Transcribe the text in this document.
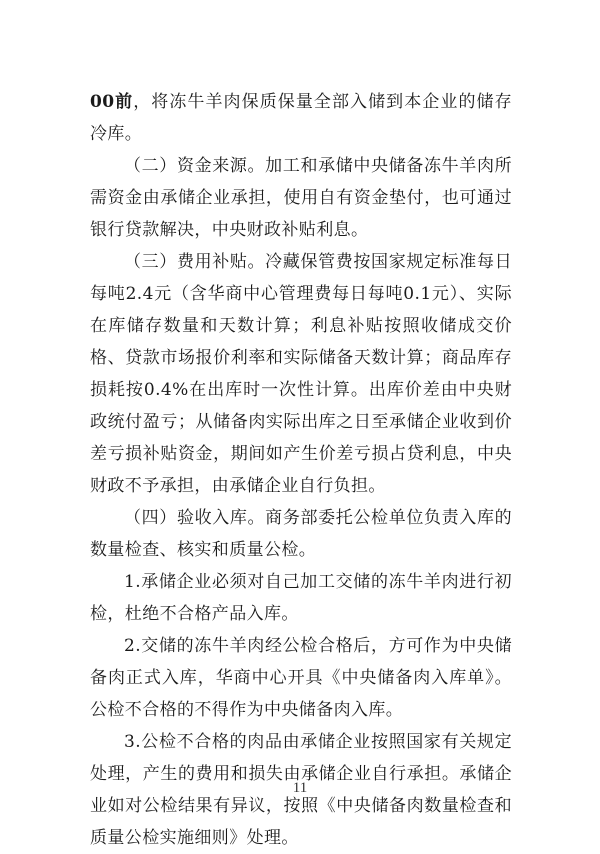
00前，将冻牛羊肉保质保量全部入储到本企业的储存冷库。

（二）资金来源。加工和承储中央储备冻牛羊肉所需资金由承储企业承担，使用自有资金垫付，也可通过银行贷款解决，中央财政补贴利息。

（三）费用补贴。冷藏保管费按国家规定标准每日每吨2.4元（含华商中心管理费每日每吨0.1元）、实际在库储存数量和天数计算；利息补贴按照收储成交价格、贷款市场报价利率和实际储备天数计算；商品库存损耗按0.4%在出库时一次性计算。出库价差由中央财政统付盈亏；从储备肉实际出库之日至承储企业收到价差亏损补贴资金，期间如产生价差亏损占贷利息，中央财政不予承担，由承储企业自行负担。

（四）验收入库。商务部委托公检单位负责入库的数量检查、核实和质量公检。

1.承储企业必须对自己加工交储的冻牛羊肉进行初检，杜绝不合格产品入库。

2.交储的冻牛羊肉经公检合格后，方可作为中央储备肉正式入库，华商中心开具《中央储备肉入库单》。公检不合格的不得作为中央储备肉入库。

3.公检不合格的肉品由承储企业按照国家有关规定处理，产生的费用和损失由承储企业自行承担。承储企业如对公检结果有异议，按照《中央储备肉数量检查和质量公检实施细则》处理。

11
